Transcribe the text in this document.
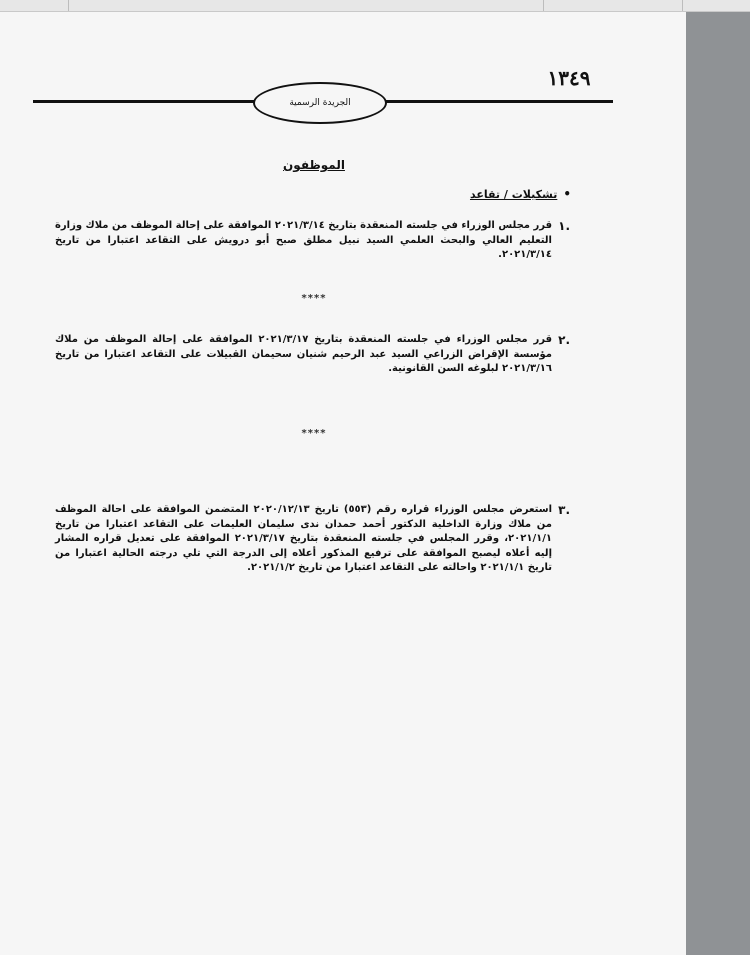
الجريدة الرسمية
١٣٤٩
الموظفون
•
تشكيلات / تقاعد
.١
قرر مجلس الوزراء في جلسته المنعقدة بتاريخ ٢٠٢١/٣/١٤ الموافقة على إحالة الموظف من ملاك وزارة التعليم العالي والبحث العلمي السيد نبيل مطلق صبح أبو درويش على التقاعد اعتبارا من تاريخ ٢٠٢١/٣/١٤.
****
.٢
قرر مجلس الوزراء في جلسته المنعقدة بتاريخ ٢٠٢١/٣/١٧ الموافقة على إحالة الموظف من ملاك مؤسسة الإقراض الزراعي السيد عبد الرحيم شنيان سحيمان القبيلات على التقاعد اعتبارا من تاريخ ٢٠٢١/٣/١٦ لبلوغه السن القانونية.
****
.٣
استعرض مجلس الوزراء قراره رقم (٥٥٣) تاريخ ٢٠٢٠/١٢/١٣ المتضمن الموافقة على احالة الموظف من ملاك وزارة الداخلية الدكتور أحمد حمدان ندى سليمان العليمات على التقاعد اعتبارا من تاريخ ٢٠٢١/١/١، وقرر المجلس في جلسته المنعقدة بتاريخ ٢٠٢١/٣/١٧ الموافقة على تعديل قراره المشار إليه أعلاه ليصبح الموافقة على ترفيع المذكور أعلاه إلى الدرجة التي تلي درجته الحالية اعتبارا من تاريخ ٢٠٢١/١/١ واحالته على التقاعد اعتبارا من تاريخ ٢٠٢١/١/٢.
